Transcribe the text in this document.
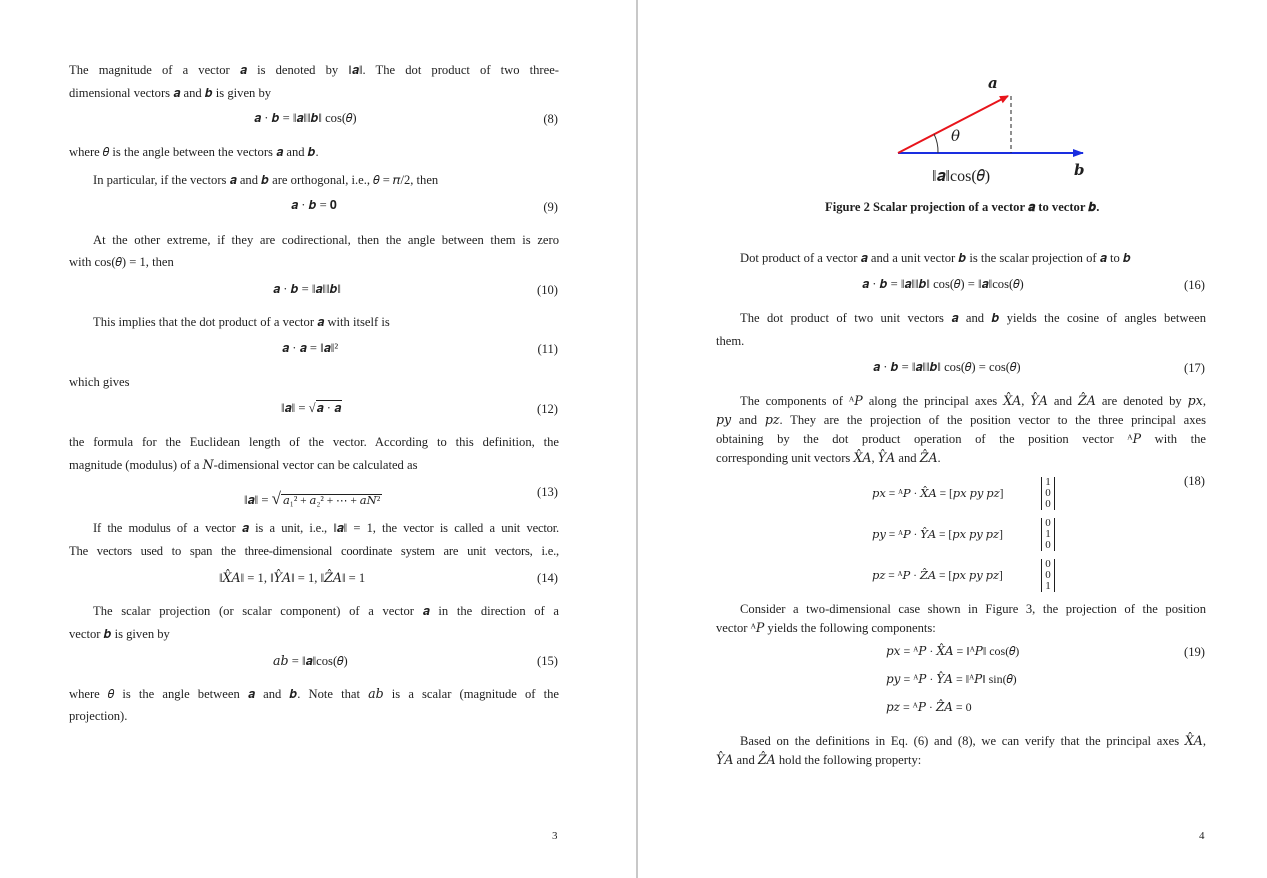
The magnitude of a vector 𝒂 is denoted by ‖𝒂‖. The dot product of two three-
dimensional vectors 𝒂 and 𝒃 is given by
𝒂 · 𝒃 = ‖𝒂‖‖𝒃‖ cos(𝜃)	(8)
where 𝜃 is the angle between the vectors 𝒂 and 𝒃.
In particular, if the vectors 𝒂 and 𝒃 are orthogonal, i.e., 𝜃 = 𝜋/2, then
𝒂 · 𝒃 = 𝟎	(9)
At the other extreme, if they are codirectional, then the angle between them is zero
with cos(𝜃) = 1, then
𝒂 · 𝒃 = ‖𝒂‖‖𝒃‖	(10)
This implies that the dot product of a vector 𝒂 with itself is
𝒂 · 𝒂 = ‖𝒂‖²	(11)
which gives
‖𝒂‖ = √𝒂 · 𝒂	(12)
the formula for the Euclidean length of the vector. According to this definition, the
magnitude (modulus) of a 𝑁-dimensional vector can be calculated as
‖𝒂‖ = √ 𝑎₁² + 𝑎₂² + ⋯ + 𝑎𝑁²
(13)
If the modulus of a vector 𝒂 is a unit, i.e., ‖𝒂‖ = 1, the vector is called a unit vector.
The vectors used to span the three-dimensional coordinate system are unit vectors, i.e.,
‖𝑋̂𝐴‖ = 1, ‖𝑌̂𝐴‖ = 1, ‖𝑍̂𝐴‖ = 1	(14)
The scalar projection (or scalar component) of a vector 𝒂 in the direction of a
vector 𝒃 is given by
𝑎𝑏 = ‖𝒂‖cos(𝜃)	(15)
where 𝜃 is the angle between 𝒂 and 𝒃. Note that 𝑎𝑏 is a scalar (magnitude of the
projection).
3
𝒂
𝒃
𝜃
‖𝒂‖cos(𝜃)
Figure 2 Scalar projection of a vector 𝒂 to vector 𝒃.
Dot product of a vector 𝒂 and a unit vector 𝒃 is the scalar projection of 𝒂 to 𝒃
𝒂 · 𝒃 = ‖𝒂‖‖𝒃‖ cos(𝜃) = ‖𝒂‖cos(𝜃)	(16)
The dot product of two unit vectors 𝒂 and 𝒃 yields the cosine of angles between
them.
𝒂 · 𝒃 = ‖𝒂‖‖𝒃‖ cos(𝜃) = cos(𝜃)	(17)
The components of ᴬ𝑃 along the principal axes 𝑋̂𝐴, 𝑌̂𝐴 and 𝑍̂𝐴 are denoted by 𝑝𝑥,
𝑝𝑦 and 𝑝𝑧. They are the projection of the position vector to the three principal axes
obtaining by the dot product operation of the position vector ᴬ𝑃 with the
corresponding unit vectors 𝑋̂𝐴, 𝑌̂𝐴 and 𝑍̂𝐴.
𝑝𝑥 = ᴬ𝑃 · 𝑋̂𝐴 = [𝑝𝑥 𝑝𝑦 𝑝𝑧]
1
0
0
(18)
𝑝𝑦 = ᴬ𝑃 · 𝑌̂𝐴 = [𝑝𝑥 𝑝𝑦 𝑝𝑧]
0
1
0
𝑝𝑧 = ᴬ𝑃 · 𝑍̂𝐴 = [𝑝𝑥 𝑝𝑦 𝑝𝑧]
0
0
1
Consider a two-dimensional case shown in Figure 3, the projection of the position
vector ᴬ𝑃 yields the following components:
𝑝𝑥 = ᴬ𝑃 · 𝑋̂𝐴 = ‖ᴬ𝑃‖ cos(𝜃)	(19)
𝑝𝑦 = ᴬ𝑃 · 𝑌̂𝐴 = ‖ᴬ𝑃‖ sin(𝜃)
𝑝𝑧 = ᴬ𝑃 · 𝑍̂𝐴 = 0
Based on the definitions in Eq. (6) and (8), we can verify that the principal axes 𝑋̂𝐴,
𝑌̂𝐴 and 𝑍̂𝐴 hold the following property:
4
